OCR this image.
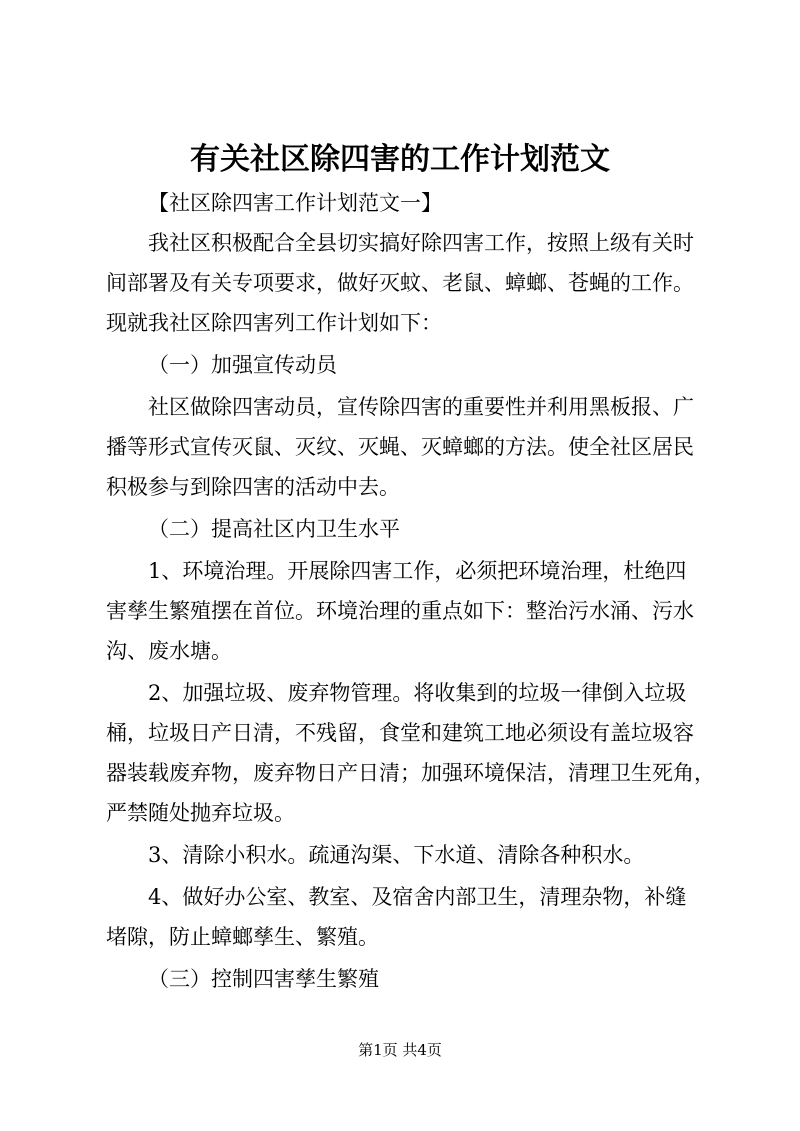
有关社区除四害的工作计划范文

【社区除四害工作计划范文一】

我社区积极配合全县切实搞好除四害工作，按照上级有关时

间部署及有关专项要求，做好灭蚊、老鼠、蟑螂、苍蝇的工作。

现就我社区除四害列工作计划如下：

（一）加强宣传动员

社区做除四害动员，宣传除四害的重要性并利用黑板报、广

播等形式宣传灭鼠、灭纹、灭蝇、灭蟑螂的方法。使全社区居民

积极参与到除四害的活动中去。

（二）提高社区内卫生水平

1、环境治理。开展除四害工作，必须把环境治理，杜绝四

害孳生繁殖摆在首位。环境治理的重点如下：整治污水涌、污水

沟、废水塘。

2、加强垃圾、废弃物管理。将收集到的垃圾一律倒入垃圾

桶，垃圾日产日清，不残留，食堂和建筑工地必须设有盖垃圾容

器装载废弃物，废弃物日产日清；加强环境保洁，清理卫生死角，

严禁随处抛弃垃圾。

3、清除小积水。疏通沟渠、下水道、清除各种积水。

4、做好办公室、教室、及宿舍内部卫生，清理杂物，补缝

堵隙，防止蟑螂孳生、繁殖。

（三）控制四害孳生繁殖

第1页 共4页
